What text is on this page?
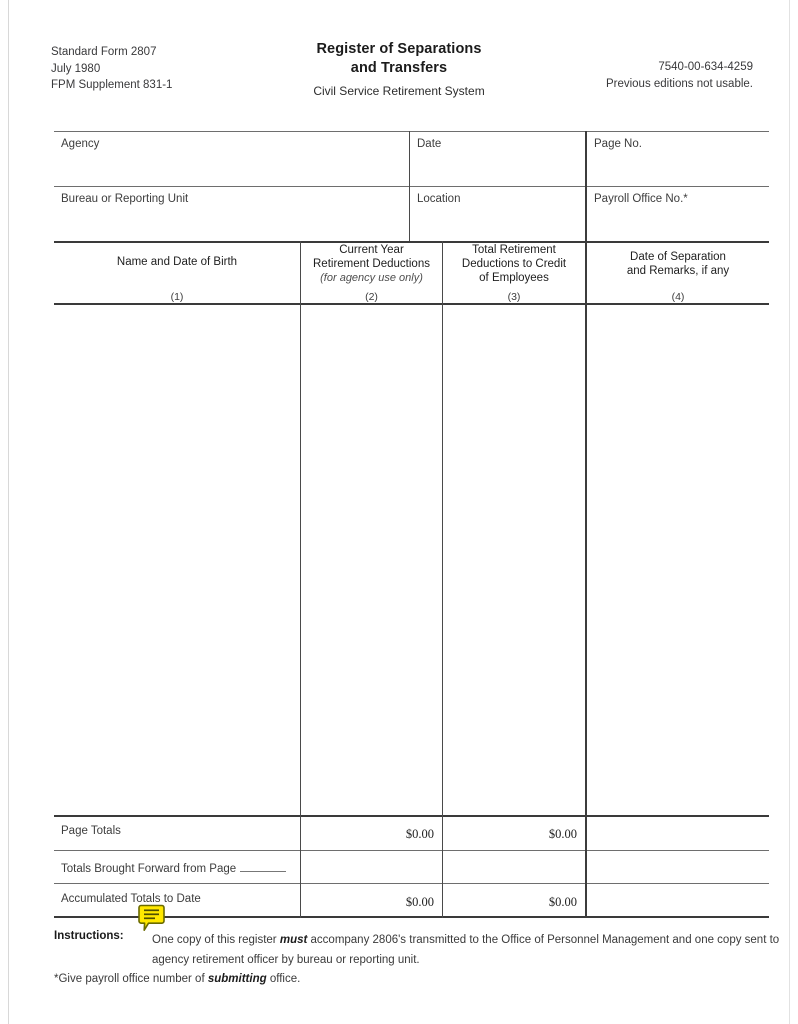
Standard Form 2807
July 1980
FPM Supplement 831-1
Register of Separations
and Transfers
Civil Service Retirement System
7540-00-634-4259
Previous editions not usable.
Agency	Date	Page No.
Bureau or Reporting Unit	Location	Payroll Office No.*
Name and Date of Birth
(1)
Current Year
Retirement Deductions
(for agency use only)
(2)
Total Retirement
Deductions to Credit
of Employees
(3)
Date of Separation
and Remarks, if any
(4)
Page Totals	$0.00	$0.00
Totals Brought Forward from Page
Accumulated Totals to Date	$0.00	$0.00
Instructions: One copy of this register must accompany 2806's transmitted to the Office of Personnel Management and one copy sent to agency retirement officer by bureau or reporting unit.
*Give payroll office number of submitting office.
